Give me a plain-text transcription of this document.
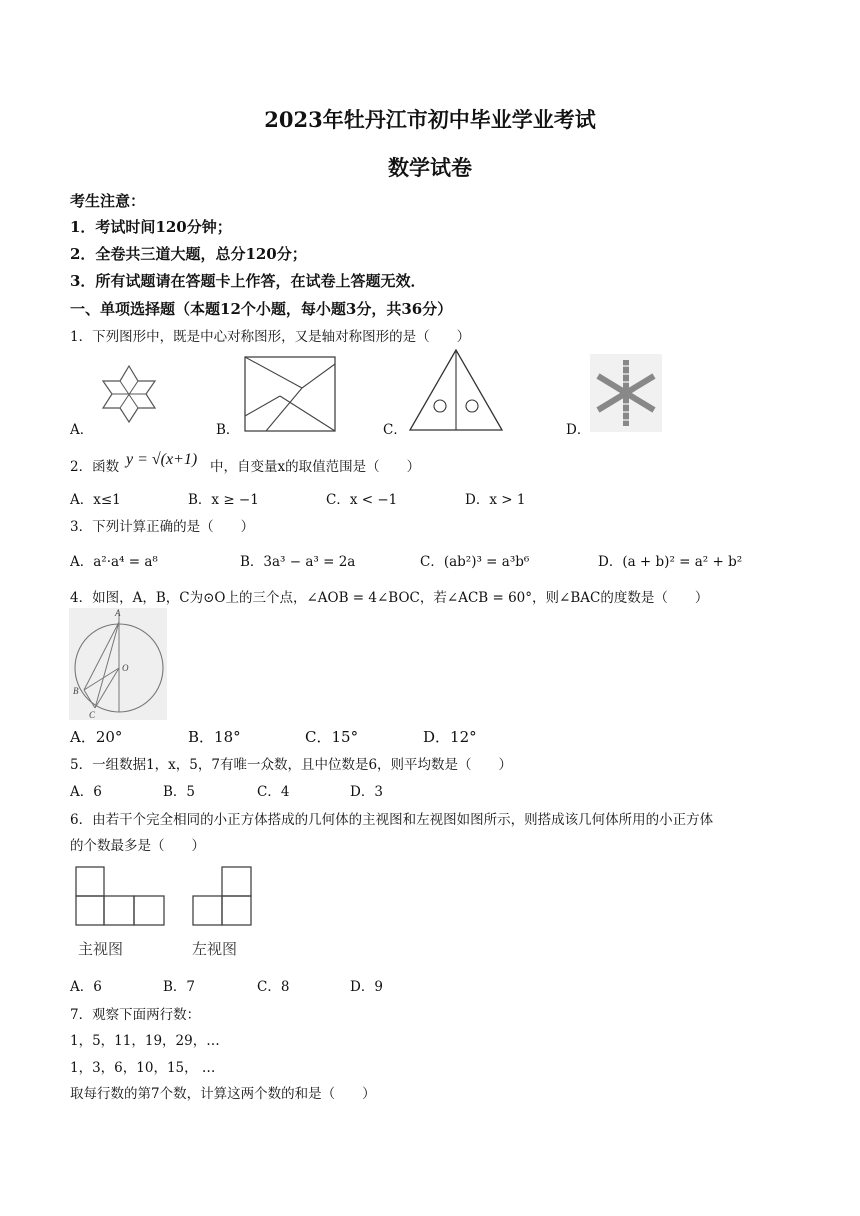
2023年牡丹江市初中毕业学业考试
数学试卷
考生注意：
1．考试时间120分钟；
2．全卷共三道大题，总分120分；
3．所有试题请在答题卡上作答，在试卷上答题无效．
一、单项选择题（本题12个小题，每小题3分，共36分）
1．下列图形中，既是中心对称图形，又是轴对称图形的是（　　）
A．	B．	C．	D．
2．函数 y = √(x+1) 中，自变量x的取值范围是（　　）
A．x≤1	B．x ≥ −1	C．x < −1	D．x > 1
3．下列计算正确的是（　　）
A．a²·a⁴ = a⁸	B．3a³ − a³ = 2a	C．(ab²)³ = a³b⁶	D．(a + b)² = a² + b²
4．如图，A，B，C为⊙O上的三个点，∠AOB = 4∠BOC，若∠ACB = 60°，则∠BAC的度数是（　　）
A
O
B
C
A．20°	B．18°	C．15°	D．12°
5．一组数据1，x，5，7有唯一众数，且中位数是6，则平均数是（　　）
A．6	B．5	C．4	D．3
6．由若干个完全相同的小正方体搭成的几何体的主视图和左视图如图所示，则搭成该几何体所用的小正方体
的个数最多是（　　）
主视图	左视图
A．6	B．7	C．8	D．9
7．观察下面两行数：
1，5，11，19，29，…
1，3，6，10，15， …
取每行数的第7个数，计算这两个数的和是（　　）
